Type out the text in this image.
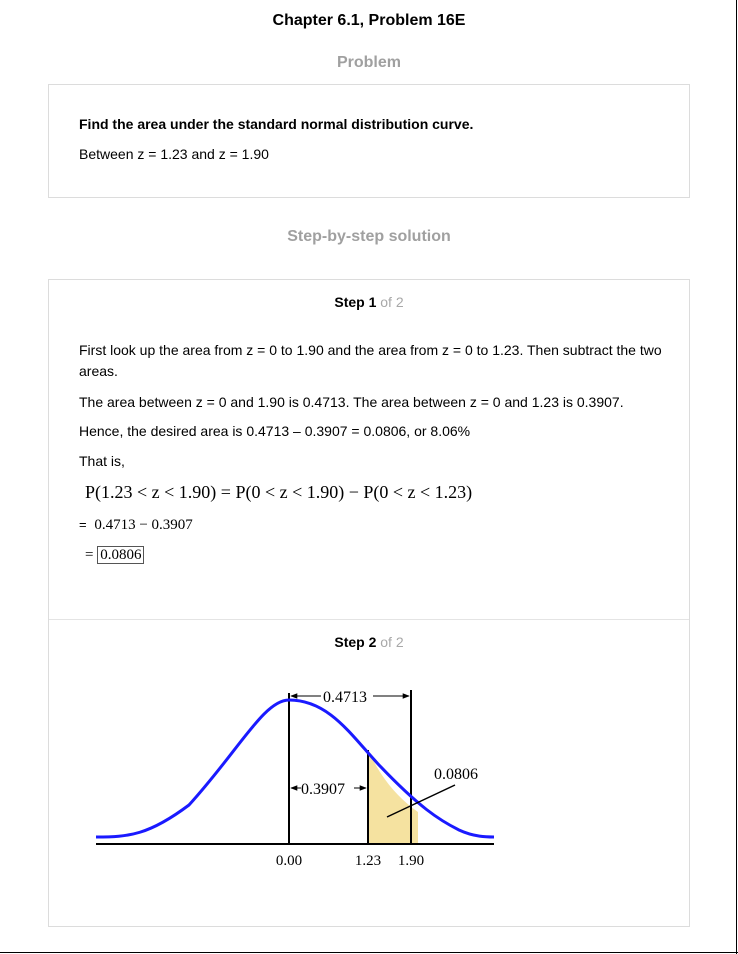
Chapter 6.1, Problem 16E
Problem
Find the area under the standard normal distribution curve.
Between z = 1.23 and z = 1.90
Step-by-step solution
Step 1 of 2
First look up the area from z = 0 to 1.90 and the area from z = 0 to 1.23. Then subtract the two areas.
The area between z = 0 and 1.90 is 0.4713. The area between z = 0 and 1.23 is 0.3907.
Hence, the desired area is 0.4713 – 0.3907 = 0.0806, or 8.06%
That is,
P(1.23 < z < 1.90) = P(0 < z < 1.90) − P(0 < z < 1.23)
= 0.4713 − 0.3907
= 0.0806
Step 2 of 2
0.4713
0.3907
0.0806
0.00	1.23 1.90
